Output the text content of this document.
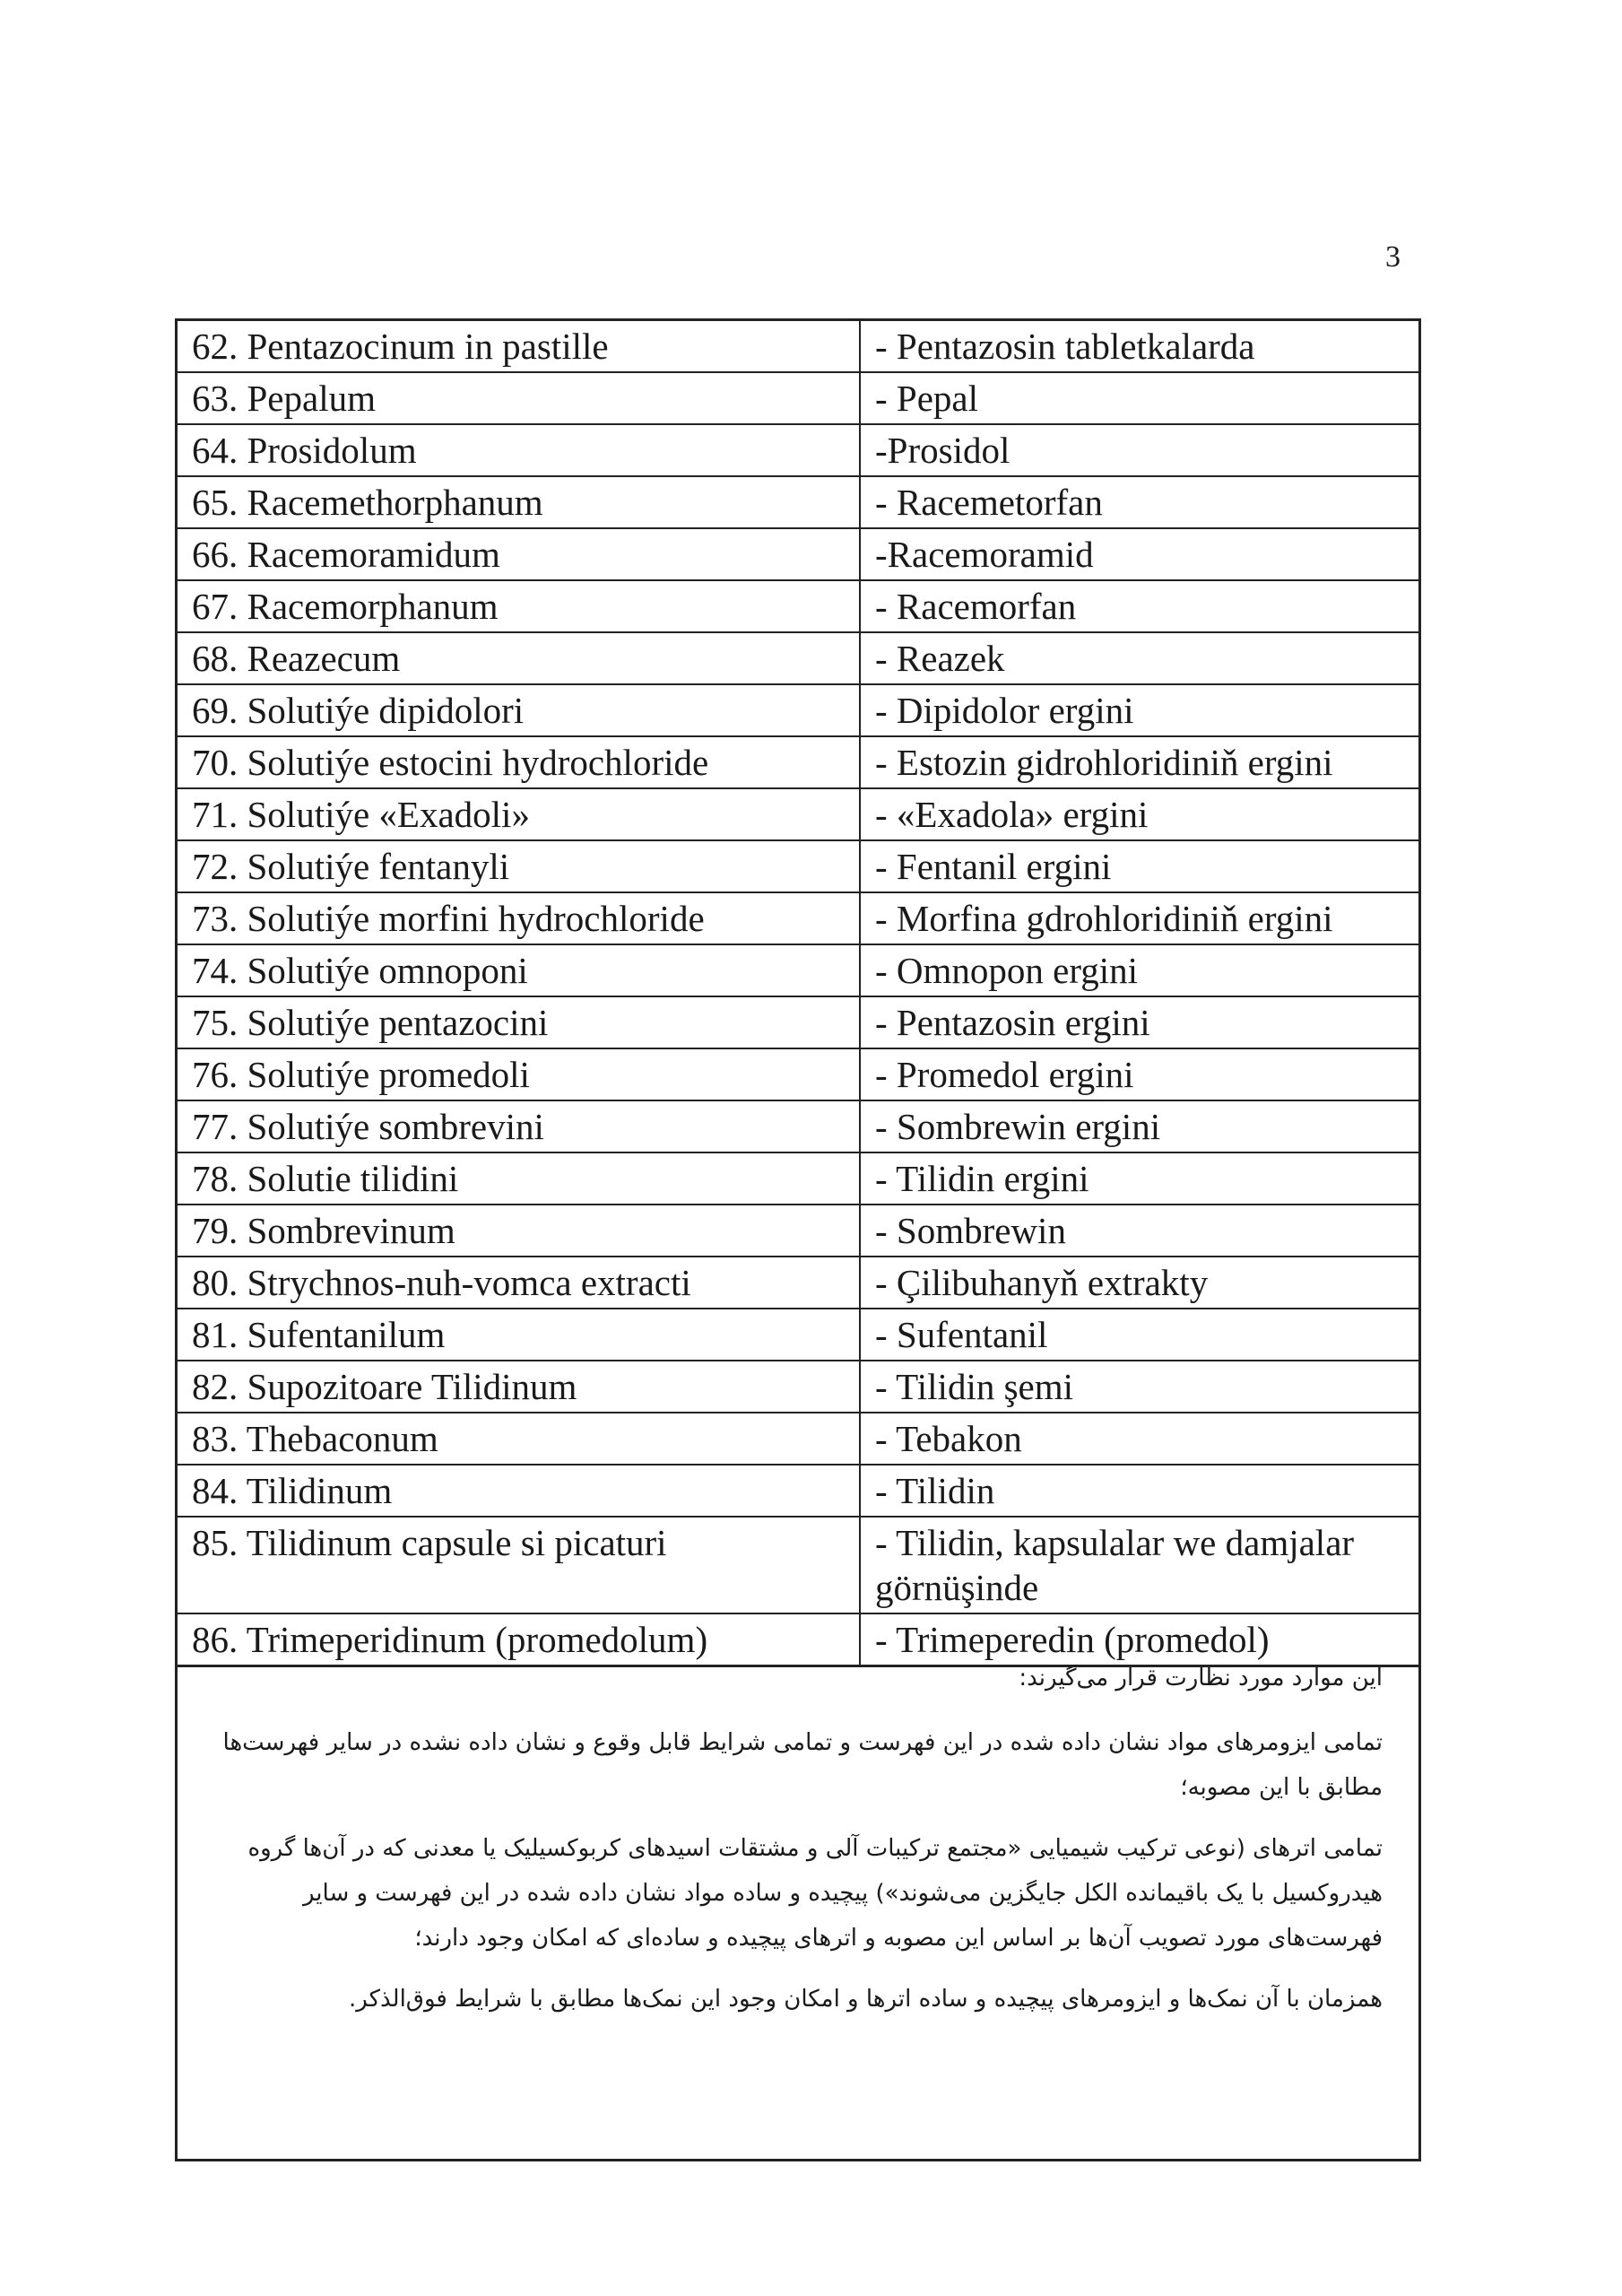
3
62. Pentazocinum in pastille	- Pentazosin tabletkalarda
63. Pepalum	- Pepal
64. Prosidolum	-Prosidol
65. Racemethorphanum	- Racemetorfan
66. Racemoramidum	-Racemoramid
67. Racemorphanum	- Racemorfan
68. Reazecum	- Reazek
69. Solutiýe dipidolori	- Dipidolor ergini
70. Solutiýe estocini hydrochloride	- Estozin gidrohloridiniň ergini
71. Solutiýe «Exadoli»	- «Exadola» ergini
72. Solutiýe fentanyli	- Fentanil ergini
73. Solutiýe morfini hydrochloride	- Morfina gdrohloridiniň ergini
74. Solutiýe omnoponi	- Omnopon ergini
75. Solutiýe pentazocini	- Pentazosin ergini
76. Solutiýe promedoli	- Promedol ergini
77. Solutiýe sombrevini	- Sombrewin ergini
78. Solutie tilidini	- Tilidin ergini
79. Sombrevinum	- Sombrewin
80. Strychnos-nuh-vomca extracti	- Çilibuhanyň extrakty
81. Sufentanilum	- Sufentanil
82. Supozitoare Tilidinum	- Tilidin şemi
83. Thebaconum	- Tebakon
84. Tilidinum	- Tilidin
85. Tilidinum capsule si picaturi	- Tilidin, kapsulalar we damjalar görnüşinde
86. Trimeperidinum (promedolum)	- Trimeperedin (promedol)

این موارد مورد نظارت قرار می‌گیرند:

تمامی ایزومرهای مواد نشان داده شده در این فهرست و تمامی شرایط قابل وقوع و نشان داده نشده در سایر فهرست‌ها مطابق با این مصوبه؛

تمامی اترهای (نوعی ترکیب شیمیایی «مجتمع ترکیبات آلی و مشتقات اسیدهای کربوکسیلیک یا معدنی که در آن‌ها گروه هیدروکسیل با یک باقیمانده الکل جایگزین می‌شوند») پیچیده و ساده مواد نشان داده شده در این فهرست و سایر فهرست‌های مورد تصویب آن‌ها بر اساس این مصوبه و اترهای پیچیده و ساده‌ای که امکان وجود دارند؛

همزمان با آن نمک‌ها و ایزومرهای پیچیده و ساده اترها و امکان وجود این نمک‌ها مطابق با شرایط فوق‌الذکر.
